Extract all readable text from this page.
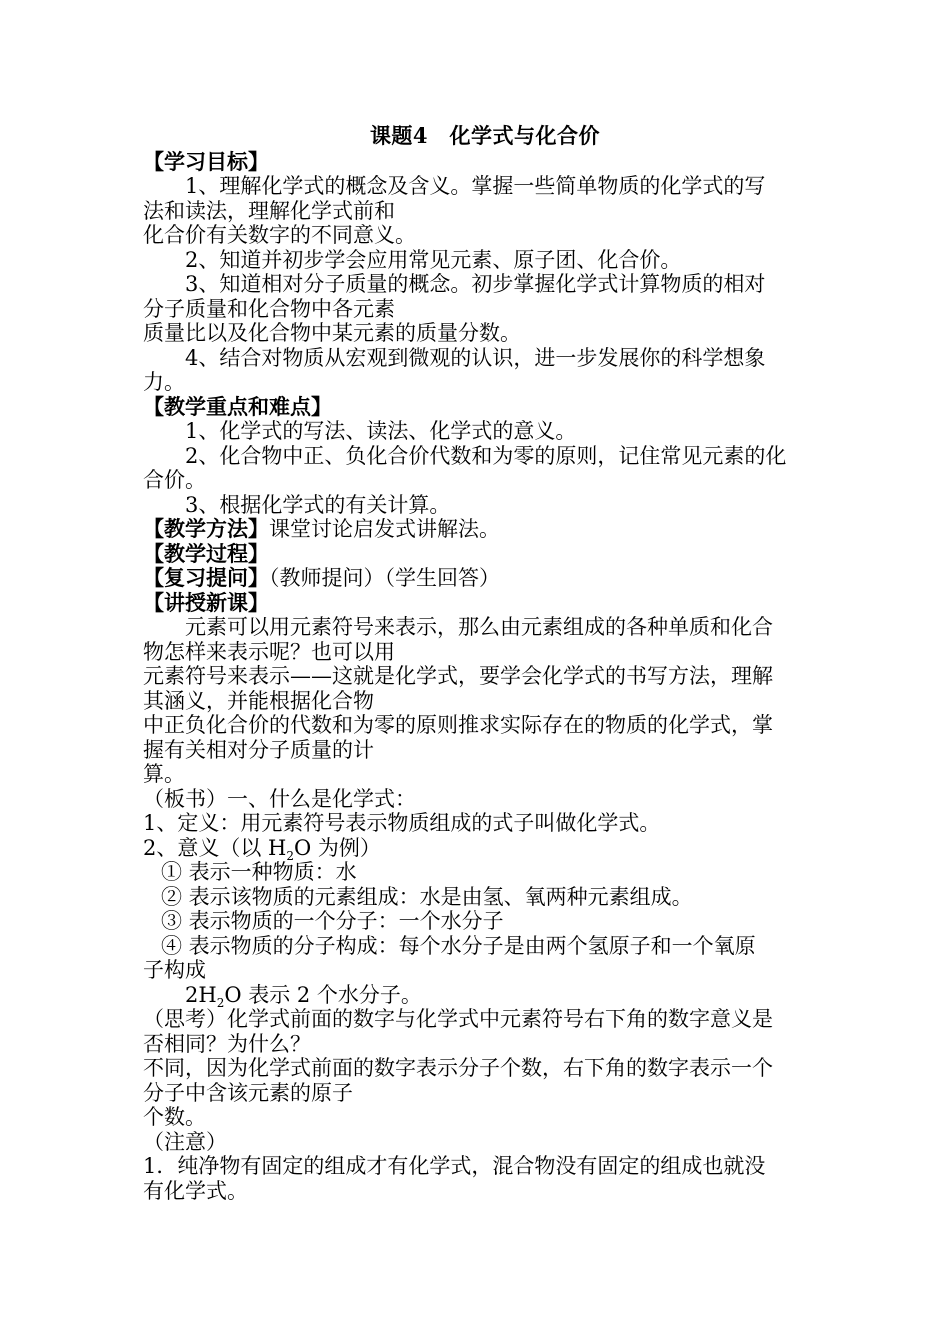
课题4　化学式与化合价
【学习目标】
1、理解化学式的概念及含义。掌握一些简单物质的化学式的写
法和读法，理解化学式前和
化合价有关数字的不同意义。
2、知道并初步学会应用常见元素、原子团、化合价。
3、知道相对分子质量的概念。初步掌握化学式计算物质的相对
分子质量和化合物中各元素
质量比以及化合物中某元素的质量分数。
4、结合对物质从宏观到微观的认识，进一步发展你的科学想象
力。
【教学重点和难点】
1、化学式的写法、读法、化学式的意义。
2、化合物中正、负化合价代数和为零的原则，记住常见元素的化
合价。
3、根据化学式的有关计算。
【教学方法】课堂讨论启发式讲解法。
【教学过程】
【复习提问】（教师提问）（学生回答）
【讲授新课】
元素可以用元素符号来表示，那么由元素组成的各种单质和化合
物怎样来表示呢？也可以用
元素符号来表示——这就是化学式，要学会化学式的书写方法，理解
其涵义，并能根据化合物
中正负化合价的代数和为零的原则推求实际存在的物质的化学式，掌
握有关相对分子质量的计
算。
（板书）一、什么是化学式：
1、定义：用元素符号表示物质组成的式子叫做化学式。
2、意义（以 $H_2O$ 为例）
① 表示一种物质：水
② 表示该物质的元素组成：水是由氢、氧两种元素组成。
③ 表示物质的一个分子：一个水分子
④ 表示物质的分子构成：每个水分子是由两个氢原子和一个氧原
子构成
$2H_2O$ 表示 2 个水分子。
（思考）化学式前面的数字与化学式中元素符号右下角的数字意义是
否相同？为什么？
不同，因为化学式前面的数字表示分子个数，右下角的数字表示一个
分子中含该元素的原子
个数。
（注意）
1．纯净物有固定的组成才有化学式，混合物没有固定的组成也就没
有化学式。
